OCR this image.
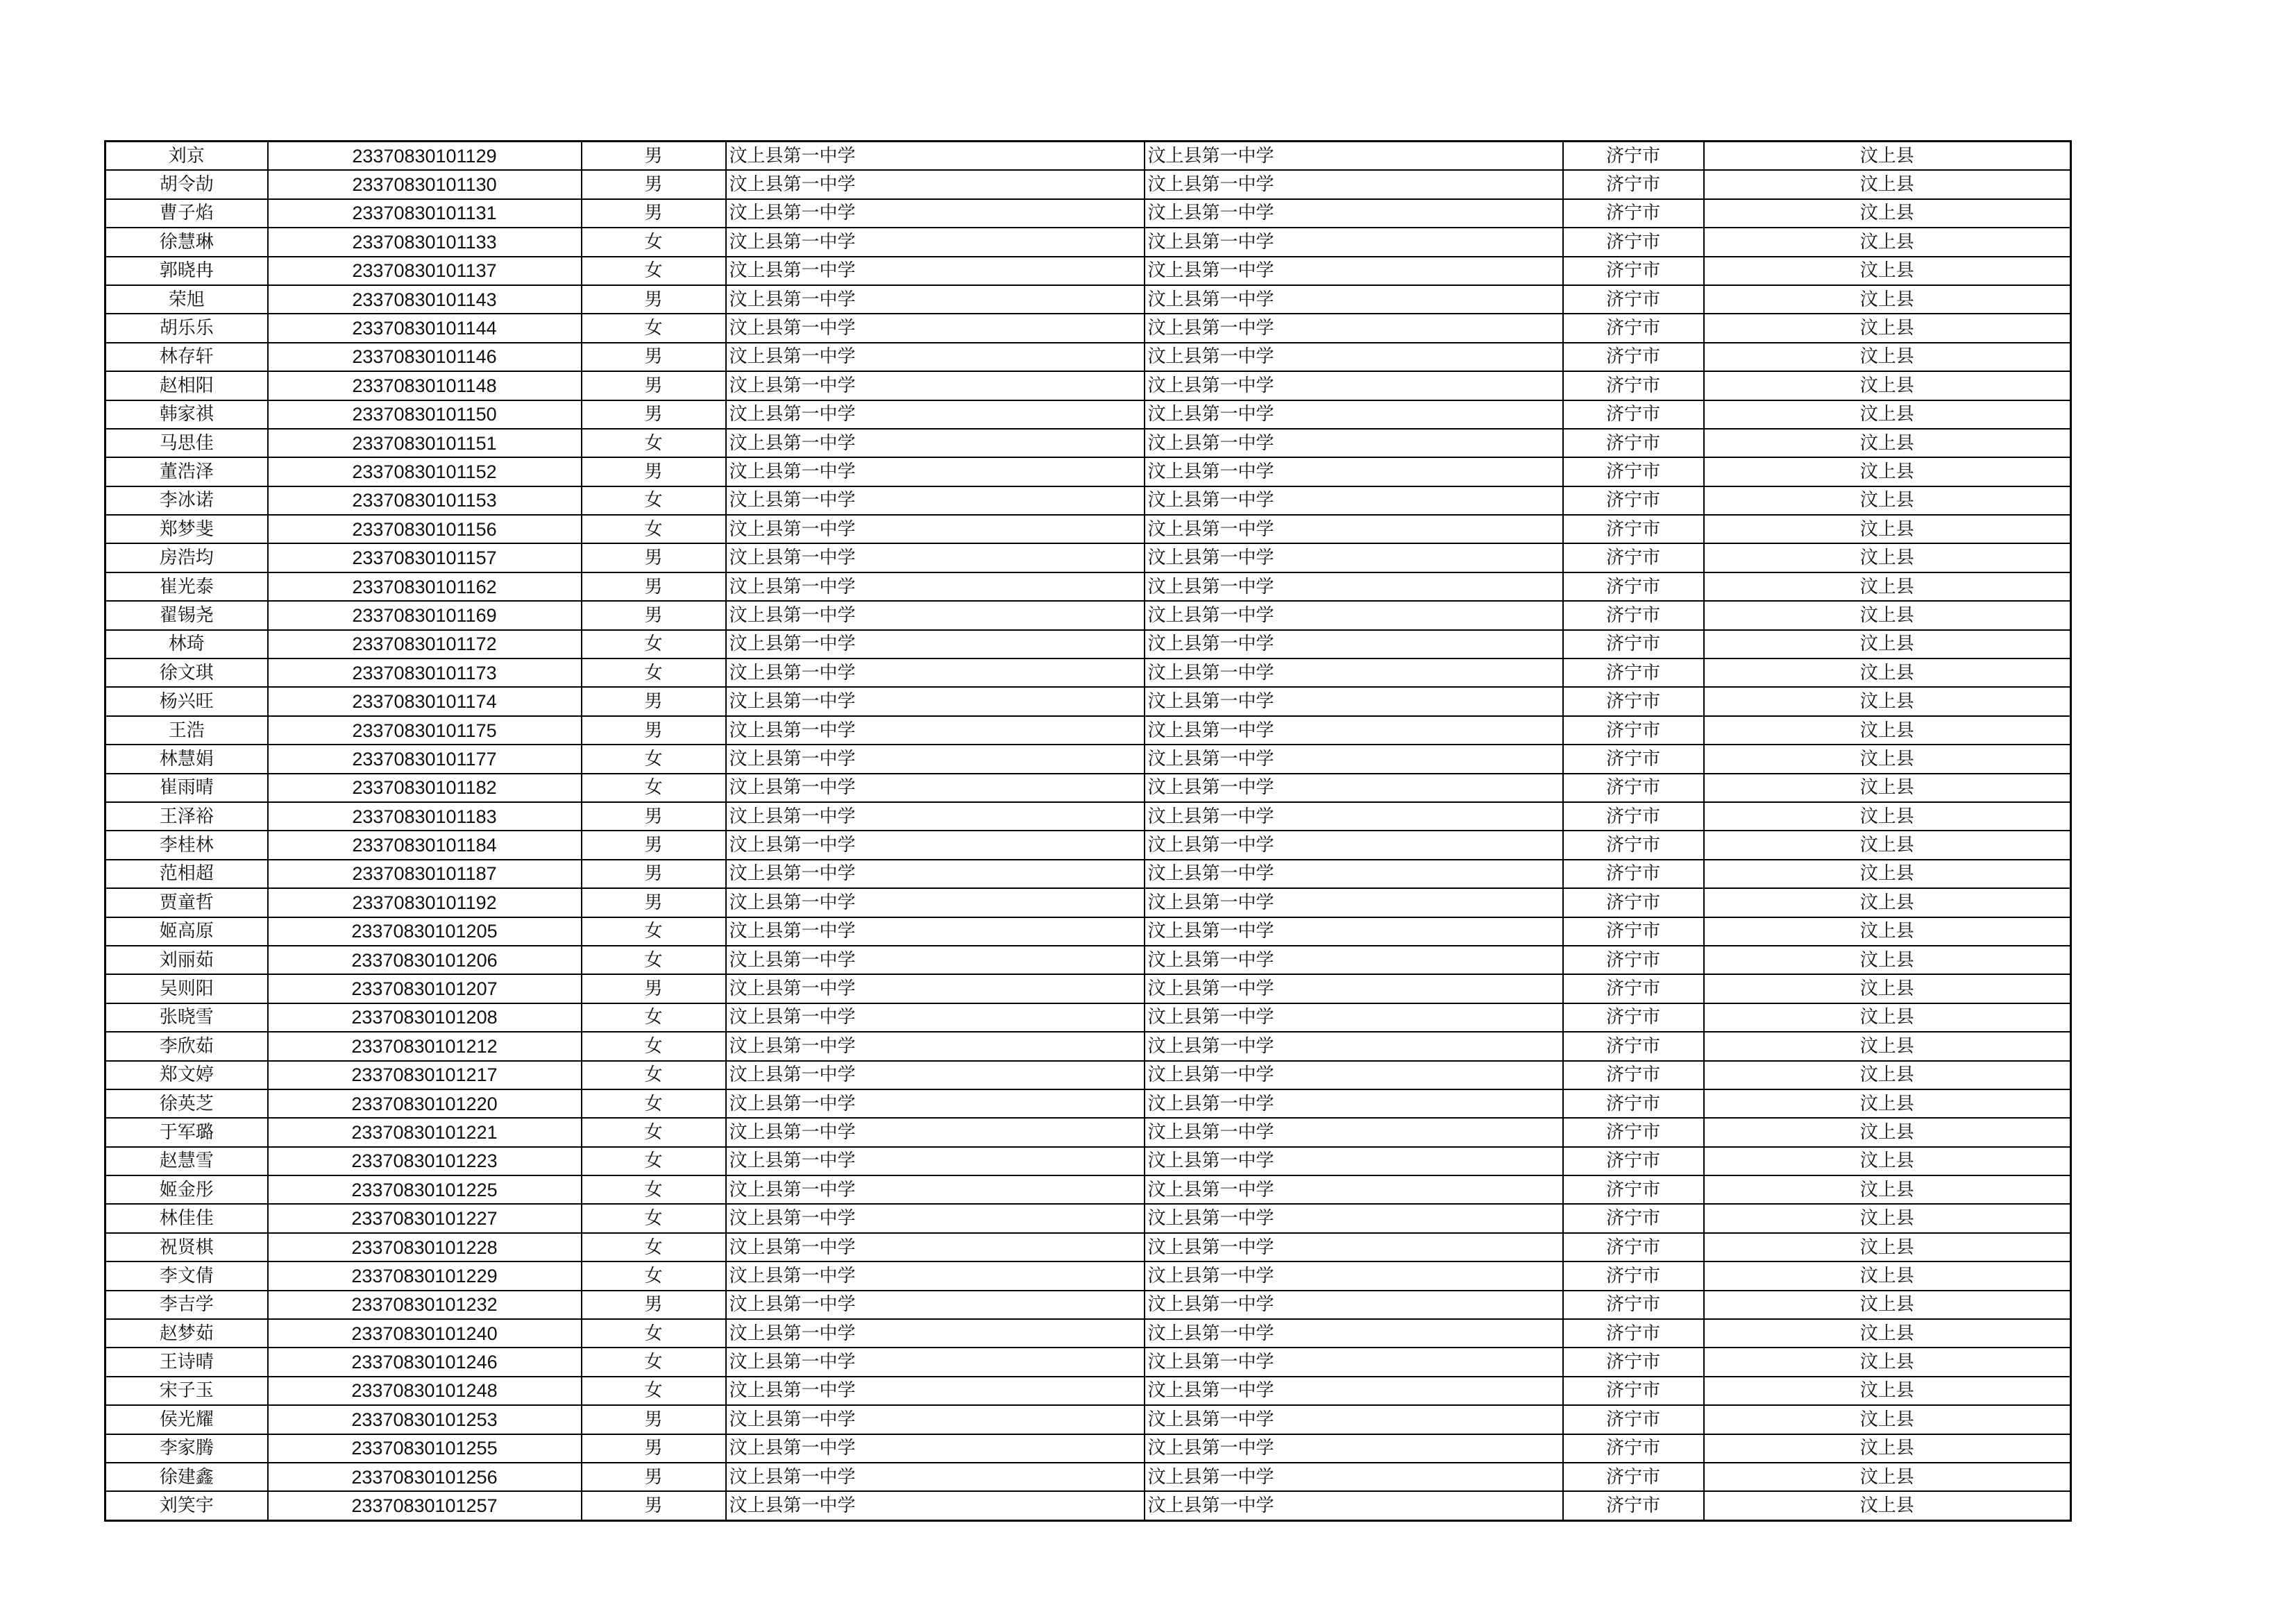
刘京	23370830101129	男	汶上县第一中学	汶上县第一中学	济宁市	汶上县
胡令劼	23370830101130	男	汶上县第一中学	汶上县第一中学	济宁市	汶上县
曹子焰	23370830101131	男	汶上县第一中学	汶上县第一中学	济宁市	汶上县
徐慧琳	23370830101133	女	汶上县第一中学	汶上县第一中学	济宁市	汶上县
郭晓冉	23370830101137	女	汶上县第一中学	汶上县第一中学	济宁市	汶上县
荣旭	23370830101143	男	汶上县第一中学	汶上县第一中学	济宁市	汶上县
胡乐乐	23370830101144	女	汶上县第一中学	汶上县第一中学	济宁市	汶上县
林存轩	23370830101146	男	汶上县第一中学	汶上县第一中学	济宁市	汶上县
赵相阳	23370830101148	男	汶上县第一中学	汶上县第一中学	济宁市	汶上县
韩家祺	23370830101150	男	汶上县第一中学	汶上县第一中学	济宁市	汶上县
马思佳	23370830101151	女	汶上县第一中学	汶上县第一中学	济宁市	汶上县
董浩泽	23370830101152	男	汶上县第一中学	汶上县第一中学	济宁市	汶上县
李冰诺	23370830101153	女	汶上县第一中学	汶上县第一中学	济宁市	汶上县
郑梦斐	23370830101156	女	汶上县第一中学	汶上县第一中学	济宁市	汶上县
房浩均	23370830101157	男	汶上县第一中学	汶上县第一中学	济宁市	汶上县
崔光泰	23370830101162	男	汶上县第一中学	汶上县第一中学	济宁市	汶上县
翟锡尧	23370830101169	男	汶上县第一中学	汶上县第一中学	济宁市	汶上县
林琦	23370830101172	女	汶上县第一中学	汶上县第一中学	济宁市	汶上县
徐文琪	23370830101173	女	汶上县第一中学	汶上县第一中学	济宁市	汶上县
杨兴旺	23370830101174	男	汶上县第一中学	汶上县第一中学	济宁市	汶上县
王浩	23370830101175	男	汶上县第一中学	汶上县第一中学	济宁市	汶上县
林慧娟	23370830101177	女	汶上县第一中学	汶上县第一中学	济宁市	汶上县
崔雨晴	23370830101182	女	汶上县第一中学	汶上县第一中学	济宁市	汶上县
王泽裕	23370830101183	男	汶上县第一中学	汶上县第一中学	济宁市	汶上县
李桂林	23370830101184	男	汶上县第一中学	汶上县第一中学	济宁市	汶上县
范相超	23370830101187	男	汶上县第一中学	汶上县第一中学	济宁市	汶上县
贾童哲	23370830101192	男	汶上县第一中学	汶上县第一中学	济宁市	汶上县
姬高原	23370830101205	女	汶上县第一中学	汶上县第一中学	济宁市	汶上县
刘丽茹	23370830101206	女	汶上县第一中学	汶上县第一中学	济宁市	汶上县
吴则阳	23370830101207	男	汶上县第一中学	汶上县第一中学	济宁市	汶上县
张晓雪	23370830101208	女	汶上县第一中学	汶上县第一中学	济宁市	汶上县
李欣茹	23370830101212	女	汶上县第一中学	汶上县第一中学	济宁市	汶上县
郑文婷	23370830101217	女	汶上县第一中学	汶上县第一中学	济宁市	汶上县
徐英芝	23370830101220	女	汶上县第一中学	汶上县第一中学	济宁市	汶上县
于军璐	23370830101221	女	汶上县第一中学	汶上县第一中学	济宁市	汶上县
赵慧雪	23370830101223	女	汶上县第一中学	汶上县第一中学	济宁市	汶上县
姬金彤	23370830101225	女	汶上县第一中学	汶上县第一中学	济宁市	汶上县
林佳佳	23370830101227	女	汶上县第一中学	汶上县第一中学	济宁市	汶上县
祝贤棋	23370830101228	女	汶上县第一中学	汶上县第一中学	济宁市	汶上县
李文倩	23370830101229	女	汶上县第一中学	汶上县第一中学	济宁市	汶上县
李吉学	23370830101232	男	汶上县第一中学	汶上县第一中学	济宁市	汶上县
赵梦茹	23370830101240	女	汶上县第一中学	汶上县第一中学	济宁市	汶上县
王诗晴	23370830101246	女	汶上县第一中学	汶上县第一中学	济宁市	汶上县
宋子玉	23370830101248	女	汶上县第一中学	汶上县第一中学	济宁市	汶上县
侯光耀	23370830101253	男	汶上县第一中学	汶上县第一中学	济宁市	汶上县
李家腾	23370830101255	男	汶上县第一中学	汶上县第一中学	济宁市	汶上县
徐建鑫	23370830101256	男	汶上县第一中学	汶上县第一中学	济宁市	汶上县
刘笑宇	23370830101257	男	汶上县第一中学	汶上县第一中学	济宁市	汶上县
